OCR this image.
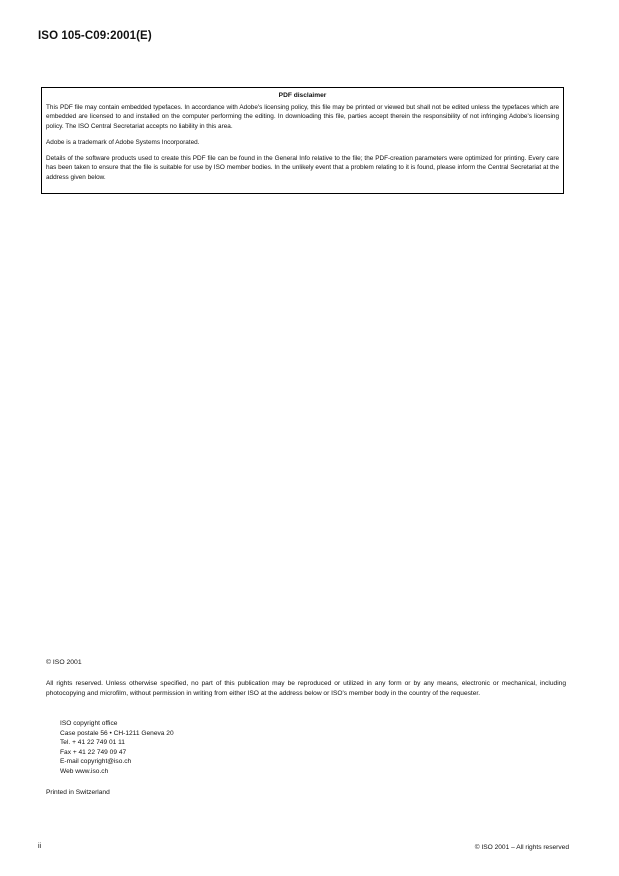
ISO 105-C09:2001(E)
PDF disclaimer

This PDF file may contain embedded typefaces. In accordance with Adobe's licensing policy, this file may be printed or viewed but shall not be edited unless the typefaces which are embedded are licensed to and installed on the computer performing the editing. In downloading this file, parties accept therein the responsibility of not infringing Adobe's licensing policy. The ISO Central Secretariat accepts no liability in this area.

Adobe is a trademark of Adobe Systems Incorporated.

Details of the software products used to create this PDF file can be found in the General Info relative to the file; the PDF-creation parameters were optimized for printing. Every care has been taken to ensure that the file is suitable for use by ISO member bodies. In the unlikely event that a problem relating to it is found, please inform the Central Secretariat at the address given below.

© ISO 2001
All rights reserved. Unless otherwise specified, no part of this publication may be reproduced or utilized in any form or by any means, electronic or mechanical, including photocopying and microfilm, without permission in writing from either ISO at the address below or ISO's member body in the country of the requester.
ISO copyright office
Case postale 56 • CH-1211 Geneva 20
Tel. + 41 22 749 01 11
Fax + 41 22 749 09 47
E-mail copyright@iso.ch
Web www.iso.ch
Printed in Switzerland
ii	© ISO 2001 – All rights reserved
